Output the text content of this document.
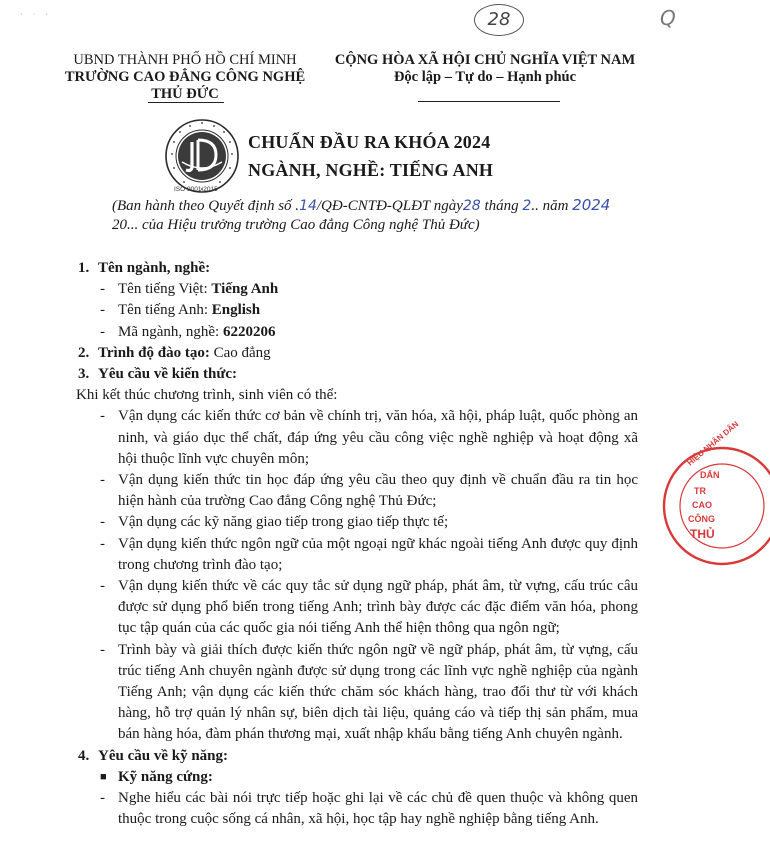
· · ·	28	Q
UBND THÀNH PHỐ HỒ CHÍ MINH
TRƯỜNG CAO ĐẲNG CÔNG NGHỆ
THỦ ĐỨC
CỘNG HÒA XÃ HỘI CHỦ NGHĨA VIỆT NAM
Độc lập – Tự do – Hạnh phúc
ISO 9001:2015
CHUẨN ĐẦU RA KHÓA 2024
NGÀNH, NGHỀ: TIẾNG ANH
(Ban hành theo Quyết định số .14/QĐ-CNTĐ-QLĐT ngày28 tháng 2.. năm 2024
20... của Hiệu trưởng trường Cao đẳng Công nghệ Thủ Đức)

1. Tên ngành, nghề:

- Tên tiếng Việt: Tiếng Anh

- Tên tiếng Anh: English

- Mã ngành, nghề: 6220206

2. Trình độ đào tạo: Cao đẳng

3. Yêu cầu về kiến thức:

Khi kết thúc chương trình, sinh viên có thể:

- Vận dụng các kiến thức cơ bản về chính trị, văn hóa, xã hội, pháp luật, quốc phòng an ninh, và giáo dục thể chất, đáp ứng yêu cầu công việc nghề nghiệp và hoạt động xã hội thuộc lĩnh vực chuyên môn;

- Vận dụng kiến thức tin học đáp ứng yêu cầu theo quy định về chuẩn đầu ra tin học hiện hành của trường Cao đẳng Công nghệ Thủ Đức;

- Vận dụng các kỹ năng giao tiếp trong giao tiếp thực tế;

- Vận dụng kiến thức ngôn ngữ của một ngoại ngữ khác ngoài tiếng Anh được quy định trong chương trình đào tạo;

- Vận dụng kiến thức về các quy tắc sử dụng ngữ pháp, phát âm, từ vựng, cấu trúc câu được sử dụng phổ biến trong tiếng Anh; trình bày được các đặc điểm văn hóa, phong tục tập quán của các quốc gia nói tiếng Anh thể hiện thông qua ngôn ngữ;

- Trình bày và giải thích được kiến thức ngôn ngữ về ngữ pháp, phát âm, từ vựng, cấu trúc tiếng Anh chuyên ngành được sử dụng trong các lĩnh vực nghề nghiệp của ngành Tiếng Anh; vận dụng các kiến thức chăm sóc khách hàng, trao đổi thư từ với khách hàng, hỗ trợ quản lý nhân sự, biên dịch tài liệu, quảng cáo và tiếp thị sản phẩm, mua bán hàng hóa, đàm phán thương mại, xuất nhập khẩu bằng tiếng Anh chuyên ngành.

4. Yêu cầu về kỹ năng:

■ Kỹ năng cứng:

- Nghe hiểu các bài nói trực tiếp hoặc ghi lại về các chủ đề quen thuộc và không quen thuộc trong cuộc sống cá nhân, xã hội, học tập hay nghề nghiệp bằng tiếng Anh.

HIỆU NHÂN DÂN
DẤN
TR
CAO
CÔNG
THỦ
